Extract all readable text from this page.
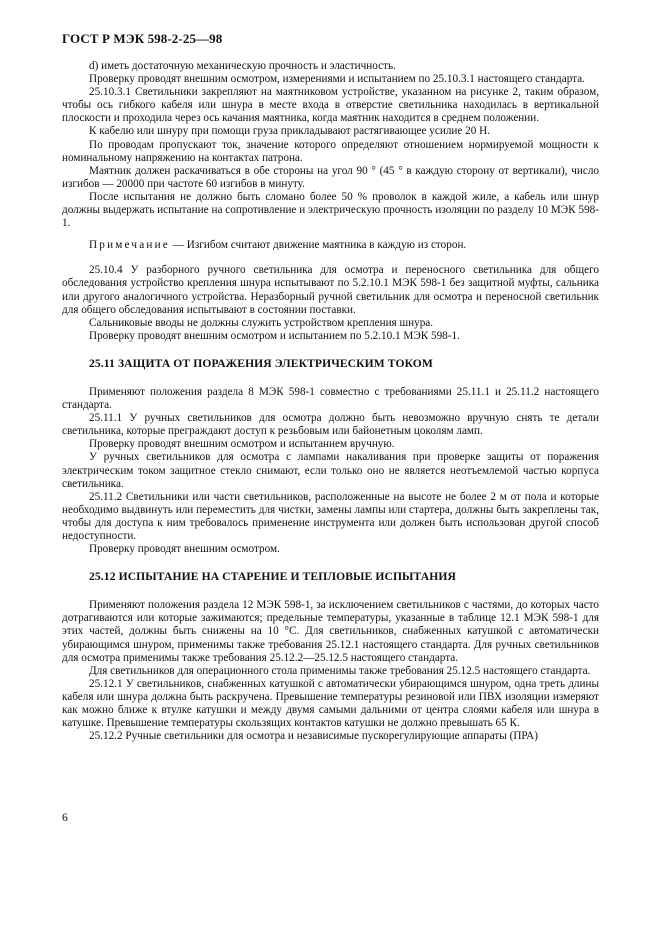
ГОСТ Р МЭК 598-2-25—98

d) иметь достаточную механическую прочность и эластичность.

Проверку проводят внешним осмотром, измерениями и испытанием по 25.10.3.1 настоящего стандарта.

25.10.3.1 Светильники закрепляют на маятниковом устройстве, указанном на рисунке 2, таким образом, чтобы ось гибкого кабеля или шнура в месте входа в отверстие светильника находилась в вертикальной плоскости и проходила через ось качания маятника, когда маятник находится в среднем положении.

К кабелю или шнуру при помощи груза прикладывают растягивающее усилие 20 Н.

По проводам пропускают ток, значение которого определяют отношением нормируемой мощности к номинальному напряжению на контактах патрона.

Маятник должен раскачиваться в обе стороны на угол 90 ° (45 ° в каждую сторону от вертикали), число изгибов — 20000 при частоте 60 изгибов в минуту.

После испытания не должно быть сломано более 50 % проволок в каждой жиле, а кабель или шнур должны выдержать испытание на сопротивление и электрическую прочность изоляции по разделу 10 МЭК 598-1.

Примечание — Изгибом считают движение маятника в каждую из сторон.

25.10.4 У разборного ручного светильника для осмотра и переносного светильника для общего обследования устройство крепления шнура испытывают по 5.2.10.1 МЭК 598-1 без защитной муфты, сальника или другого аналогичного устройства. Неразборный ручной светильник для осмотра и переносной светильник для общего обследования испытывают в состоянии поставки.

Сальниковые вводы не должны служить устройством крепления шнура.

Проверку проводят внешним осмотром и испытанием по 5.2.10.1 МЭК 598-1.

25.11 ЗАЩИТА ОТ ПОРАЖЕНИЯ ЭЛЕКТРИЧЕСКИМ ТОКОМ

Применяют положения раздела 8 МЭК 598-1 совместно с требованиями 25.11.1 и 25.11.2 настоящего стандарта.

25.11.1 У ручных светильников для осмотра должно быть невозможно вручную снять те детали светильника, которые преграждают доступ к резьбовым или байонетным цоколям ламп.

Проверку проводят внешним осмотром и испытанием вручную.

У ручных светильников для осмотра с лампами накаливания при проверке защиты от поражения электрическим током защитное стекло снимают, если только оно не является неотъемлемой частью корпуса светильника.

25.11.2 Светильники или части светильников, расположенные на высоте не более 2 м от пола и которые необходимо выдвинуть или переместить для чистки, замены лампы или стартера, должны быть закреплены так, чтобы для доступа к ним требовалось применение инструмента или должен быть использован другой способ недоступности.

Проверку проводят внешним осмотром.

25.12 ИСПЫТАНИЕ НА СТАРЕНИЕ И ТЕПЛОВЫЕ ИСПЫТАНИЯ

Применяют положения раздела 12 МЭК 598-1, за исключением светильников с частями, до которых часто дотрагиваются или которые зажимаются; предельные температуры, указанные в таблице 12.1 МЭК 598-1 для этих частей, должны быть снижены на 10 °С. Для светильников, снабженных катушкой с автоматически убирающимся шнуром, применимы также требования 25.12.1 настоящего стандарта. Для ручных светильников для осмотра применимы также требования 25.12.2—25.12.5 настоящего стандарта.

Для светильников для операционного стола применимы также требования 25.12.5 настоящего стандарта.

25.12.1 У светильников, снабженных катушкой с автоматически убирающимся шнуром, одна треть длины кабеля или шнура должна быть раскручена. Превышение температуры резиновой или ПВХ изоляции измеряют как можно ближе к втулке катушки и между двумя самыми дальними от центра слоями кабеля или шнура в катушке. Превышение температуры скользящих контактов катушки не должно превышать 65 К.

25.12.2 Ручные светильники для осмотра и независимые пускорегулирующие аппараты (ПРА)

6
